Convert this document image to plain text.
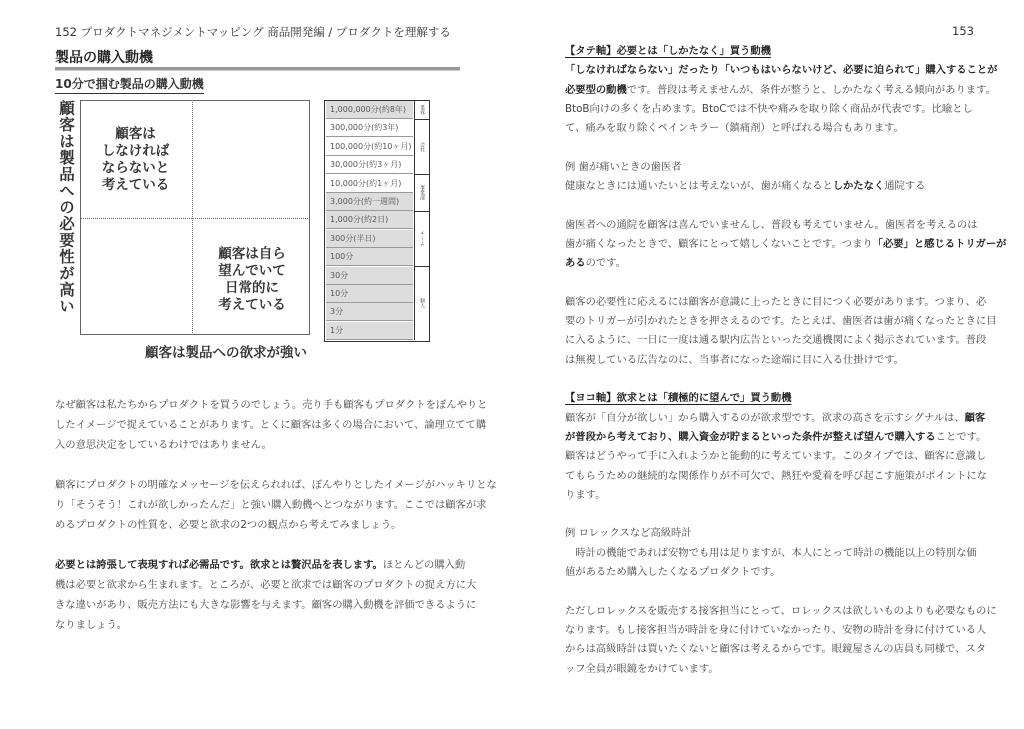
152 プロダクトマネジメントマッピング 商品開発編 / プロダクトを理解する	153
製品の購入動機
10分で掴む製品の購入動機
顧客は製品への必要性が高い	顧客は
しなければ
ならないと
考えている
顧客は自ら
望んでいて
日常的に
考えている
顧客は製品への欲求が強い
1,000,000分(約8年)
300,000分(約3年)
100,000分(約10ヶ月)
30,000分(約3ヶ月)
10,000分(約1ヶ月)
3,000分(約一週間)
1,000分(約2日)
300分(半日)
100分
30分
10分
3分
1分
業界
会社
事業部
チーム
個人
なぜ顧客は私たちからプロダクトを買うのでしょう。売り手も顧客もプロダクトをぼんやりと
したイメージで捉えていることがあります。とくに顧客は多くの場合において、論理立てて購
入の意思決定をしているわけではありません。
顧客にプロダクトの明確なメッセージを伝えられれば、ぼんやりとしたイメージがハッキリとな
り「そうそう！これが欲しかったんだ」と強い購入動機へとつながります。ここでは顧客が求
めるプロダクトの性質を、必要と欲求の2つの観点から考えてみましょう。
必要とは誇張して表現すれば必需品です。欲求とは贅沢品を表します。ほとんどの購入動
機は必要と欲求から生まれます。ところが、必要と欲求では顧客のプロダクトの捉え方に大
きな違いがあり、販売方法にも大きな影響を与えます。顧客の購入動機を評価できるように
なりましょう。
【タテ軸】必要とは「しかたなく」買う動機
「しなければならない」だったり「いつもはいらないけど、必要に迫られて」購入することが
必要型の動機です。普段は考えませんが、条件が整うと、しかたなく考える傾向があります。
BtoB向けの多くを占めます。BtoCでは不快や痛みを取り除く商品が代表です。比喩とし
て、痛みを取り除くペインキラー（鎮痛剤）と呼ばれる場合もあります。
例 歯が痛いときの歯医者
健康なときには通いたいとは考えないが、歯が痛くなるとしかたなく通院する
歯医者への通院を顧客は喜んでいませんし、普段も考えていません。歯医者を考えるのは
歯が痛くなったときで、顧客にとって嬉しくないことです。つまり「必要」と感じるトリガーが
あるのです。
顧客の必要性に応えるには顧客が意識に上ったときに目につく必要があります。つまり、必
要のトリガーが引かれたときを押さえるのです。たとえば、歯医者は歯が痛くなったときに目
に入るように、一日に一度は通る駅内広告といった交通機関によく掲示されています。普段
は無視している広告なのに、当事者になった途端に目に入る仕掛けです。
【ヨコ軸】欲求とは「積極的に望んで」買う動機
顧客が「自分が欲しい」から購入するのが欲求型です。欲求の高さを示すシグナルは、顧客
が普段から考えており、購入資金が貯まるといった条件が整えば望んで購入することです。
顧客はどうやって手に入れようかと能動的に考えています。このタイプでは、顧客に意識し
てもらうための継続的な関係作りが不可欠で、熱狂や愛着を呼び起こす施策がポイントにな
ります。
例 ロレックスなど高級時計
　時計の機能であれば安物でも用は足りますが、本人にとって時計の機能以上の特別な価
値があるため購入したくなるプロダクトです。
ただしロレックスを販売する接客担当にとって、ロレックスは欲しいものよりも必要なものに
なります。もし接客担当が時計を身に付けていなかったり、安物の時計を身に付けている人
からは高級時計は買いたくないと顧客は考えるからです。眼鏡屋さんの店員も同様で、スタ
ッフ全員が眼鏡をかけています。
